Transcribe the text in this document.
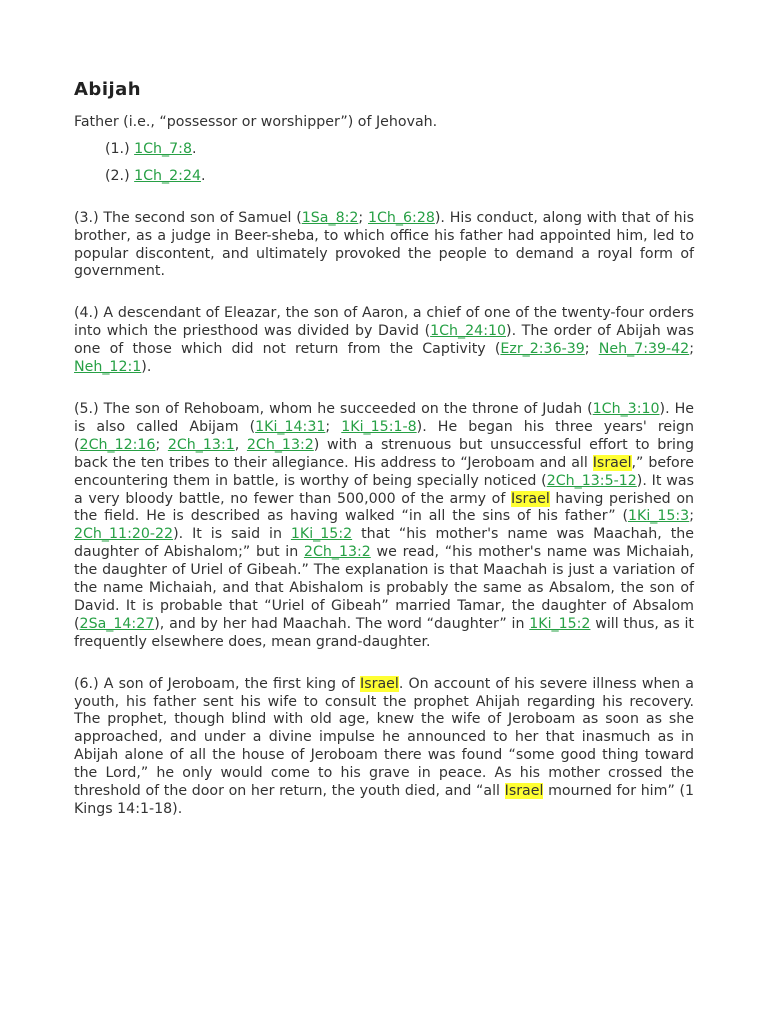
Abijah

Father (i.e., “possessor or worshipper”) of Jehovah.

(1.) 1Ch_7:8.

(2.) 1Ch_2:24.

(3.) The second son of Samuel (1Sa_8:2; 1Ch_6:28). His conduct, along with that of his brother, as a judge in Beer-sheba, to which office his father had appointed him, led to popular discontent, and ultimately provoked the people to demand a royal form of government.

(4.) A descendant of Eleazar, the son of Aaron, a chief of one of the twenty-four orders into which the priesthood was divided by David (1Ch_24:10). The order of Abijah was one of those which did not return from the Captivity (Ezr_2:36-39; Neh_7:39-42; Neh_12:1).

(5.) The son of Rehoboam, whom he succeeded on the throne of Judah (1Ch_3:10). He is also called Abijam (1Ki_14:31; 1Ki_15:1-8). He began his three years' reign (2Ch_12:16; 2Ch_13:1, 2Ch_13:2) with a strenuous but unsuccessful effort to bring back the ten tribes to their allegiance. His address to “Jeroboam and all Israel,” before encountering them in battle, is worthy of being specially noticed (2Ch_13:5-12). It was a very bloody battle, no fewer than 500,000 of the army of Israel having perished on the field. He is described as having walked “in all the sins of his father” (1Ki_15:3; 2Ch_11:20-22). It is said in 1Ki_15:2 that “his mother's name was Maachah, the daughter of Abishalom;” but in 2Ch_13:2 we read, “his mother's name was Michaiah, the daughter of Uriel of Gibeah.” The explanation is that Maachah is just a variation of the name Michaiah, and that Abishalom is probably the same as Absalom, the son of David. It is probable that “Uriel of Gibeah” married Tamar, the daughter of Absalom (2Sa_14:27), and by her had Maachah. The word “daughter” in 1Ki_15:2 will thus, as it frequently elsewhere does, mean grand-daughter.

(6.) A son of Jeroboam, the first king of Israel. On account of his severe illness when a youth, his father sent his wife to consult the prophet Ahijah regarding his recovery. The prophet, though blind with old age, knew the wife of Jeroboam as soon as she approached, and under a divine impulse he announced to her that inasmuch as in Abijah alone of all the house of Jeroboam there was found “some good thing toward the Lord,” he only would come to his grave in peace. As his mother crossed the threshold of the door on her return, the youth died, and “all Israel mourned for him” (1 Kings 14:1-18).
